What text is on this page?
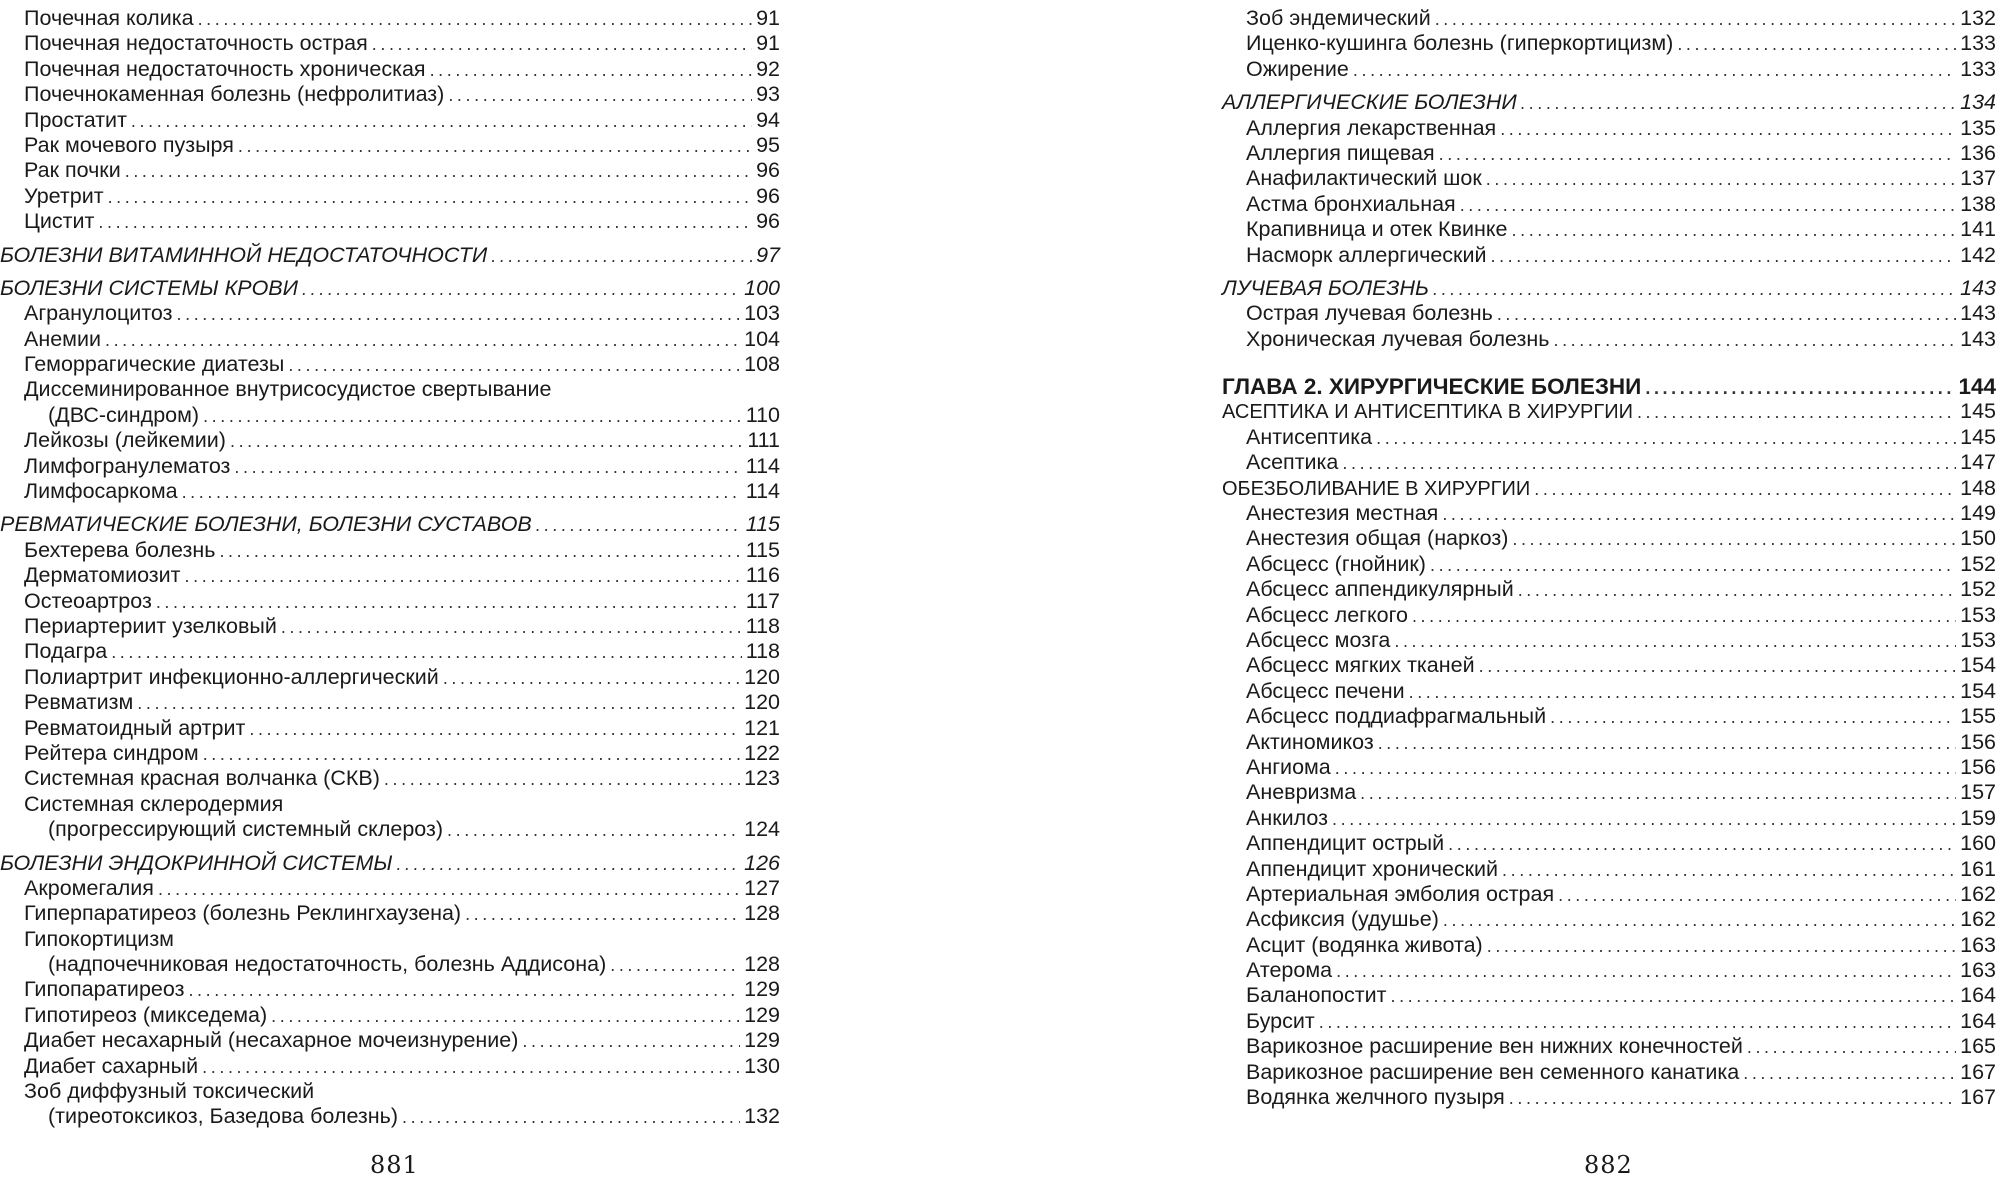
Почечная колика .....	91
Почечная недостаточность острая .....	91
Почечная недостаточность хроническая .....	92
Почечнокаменная болезнь (нефролитиаз) .....	93
Простатит .....	94
Рак мочевого пузыря .....	95
Рак почки .....	96
Уретрит .....	96
Цистит .....	96
БОЛЕЗНИ ВИТАМИННОЙ НЕДОСТАТОЧНОСТИ .....	97
БОЛЕЗНИ СИСТЕМЫ КРОВИ .....	100
Агранулоцитоз .....	103
Анемии .....	104
Геморрагические диатезы .....	108
Диссеминированное внутрисосудистое свертывание
(ДВС-синдром) .....	110
Лейкозы (лейкемии) .....	111
Лимфогранулематоз .....	114
Лимфосаркома .....	114
РЕВМАТИЧЕСКИЕ БОЛЕЗНИ, БОЛЕЗНИ СУСТАВОВ .....	115
Бехтерева болезнь .....	115
Дерматомиозит .....	116
Остеоартроз .....	117
Периартериит узелковый .....	118
Подагра .....	118
Полиартрит инфекционно-аллергический .....	120
Ревматизм .....	120
Ревматоидный артрит .....	121
Рейтера синдром .....	122
Системная красная волчанка (СКВ) .....	123
Системная склеродермия
(прогрессирующий системный склероз) .....	124
БОЛЕЗНИ ЭНДОКРИННОЙ СИСТЕМЫ .....	126
Акромегалия .....	127
Гиперпаратиреоз (болезнь Реклингхаузена) .....	128
Гипокортицизм
(надпочечниковая недостаточность, болезнь Аддисона) .....	128
Гипопаратиреоз .....	129
Гипотиреоз (микседема) .....	129
Диабет несахарный (несахарное мочеизнурение) .....	129
Диабет сахарный .....	130
Зоб диффузный токсический
(тиреотоксикоз, Базедова болезнь) .....	132
881
Зоб эндемический .....	132
Иценко-кушинга болезнь (гиперкортицизм) .....	133
Ожирение .....	133
АЛЛЕРГИЧЕСКИЕ БОЛЕЗНИ .....	134
Аллергия лекарственная .....	135
Аллергия пищевая .....	136
Анафилактический шок .....	137
Астма бронхиальная .....	138
Крапивница и отек Квинке .....	141
Насморк аллергический .....	142
ЛУЧЕВАЯ БОЛЕЗНЬ .....	143
Острая лучевая болезнь .....	143
Хроническая лучевая болезнь .....	143
ГЛАВА 2. ХИРУРГИЧЕСКИЕ БОЛЕЗНИ .....	144
АСЕПТИКА И АНТИСЕПТИКА В ХИРУРГИИ .....	145
Антисептика .....	145
Асептика .....	147
ОБЕЗБОЛИВАНИЕ В ХИРУРГИИ .....	148
Анестезия местная .....	149
Анестезия общая (наркоз) .....	150
Абсцесс (гнойник) .....	152
Абсцесс аппендикулярный .....	152
Абсцесс легкого .....	153
Абсцесс мозга .....	153
Абсцесс мягких тканей .....	154
Абсцесс печени .....	154
Абсцесс поддиафрагмальный .....	155
Актиномикоз .....	156
Ангиома .....	156
Аневризма .....	157
Анкилоз .....	159
Аппендицит острый .....	160
Аппендицит хронический .....	161
Артериальная эмболия острая .....	162
Асфиксия (удушье) .....	162
Асцит (водянка живота) .....	163
Атерома .....	163
Баланопостит .....	164
Бурсит .....	164
Варикозное расширение вен нижних конечностей .....	165
Варикозное расширение вен семенного канатика .....	167
Водянка желчного пузыря .....	167
882
